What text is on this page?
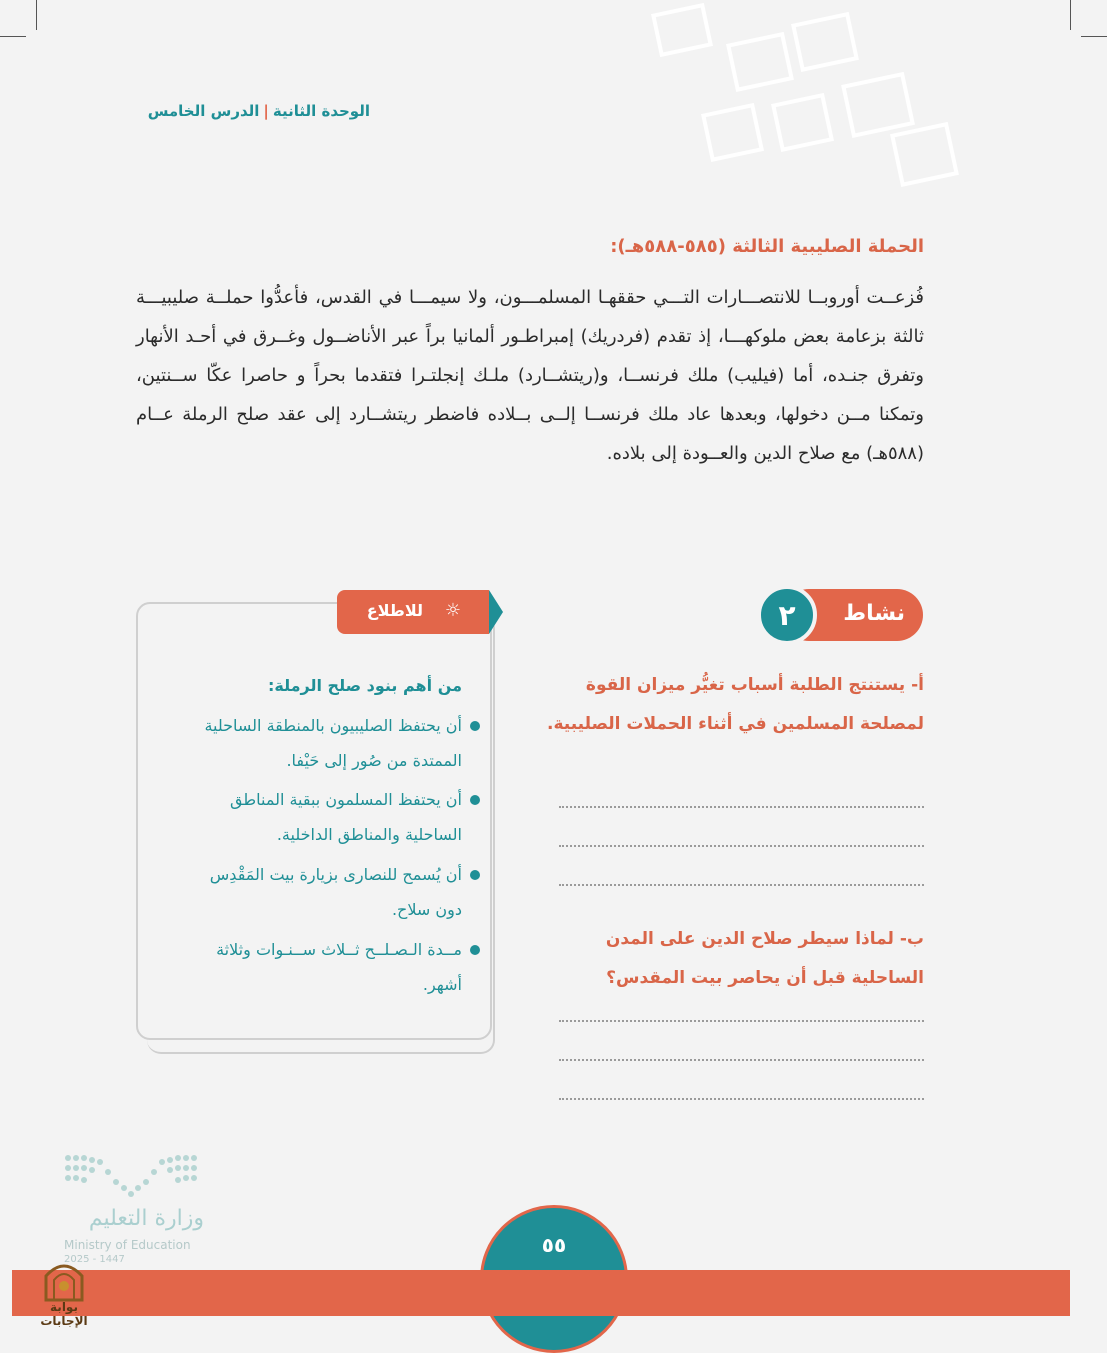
الوحدة الثانية|الدرس الخامس
الحملة الصليبية الثالثة (٥٨٥-٥٨٨هـ):
فُزعــت أوروبــا للانتصـــارات التـــي حققهـا المسلمـــون، ولا سيمـــا في القدس، فأعدُّوا حملــة صليبيـــة ثالثة بزعامة بعض ملوكهـــا، إذ تقدم (فردريك) إمبراطـور ألمانيا براً عبر الأناضــول وغــرق في أحـد الأنهار وتفرق جنـده، أما (فيليب) ملك فرنســا، و(ريتشــارد) ملـك إنجلتـرا فتقدما بحراً و حاصرا عكّا ســنتين، وتمكنا مــن دخولها، وبعدها عاد ملك فرنســا إلــى بــلاده فاضطر ريتشــارد إلى عقد صلح الرملة عــام (٥٨٨هـ) مع صلاح الدين والعــودة إلى بلاده.
نشاط
٢
أ- يستنتج الطلبة أسباب تغيُّر ميزان القوة لمصلحة المسلمين في أثناء الحملات الصليبية.
ب- لماذا سيطر صلاح الدين على المدن الساحلية قبل أن يحاصر بيت المقدس؟
☼
للاطلاع
من أهم بنود صلح الرملة:
أن يحتفظ الصليبيون بالمنطقة الساحلية الممتدة من صُور إلى حَيْفا.
أن يحتفظ المسلمون ببقية المناطق الساحلية والمناطق الداخلية.
أن يُسمح للنصارى بزيارة بيت المَقْدِس دون سلاح.
مــدة الـصـلــح ثــلاث ســنـوات وثلاثة أشهر.
٥٥
وزارة التعليم
Ministry of Education
2025 - 1447
بوابة الإجابات
